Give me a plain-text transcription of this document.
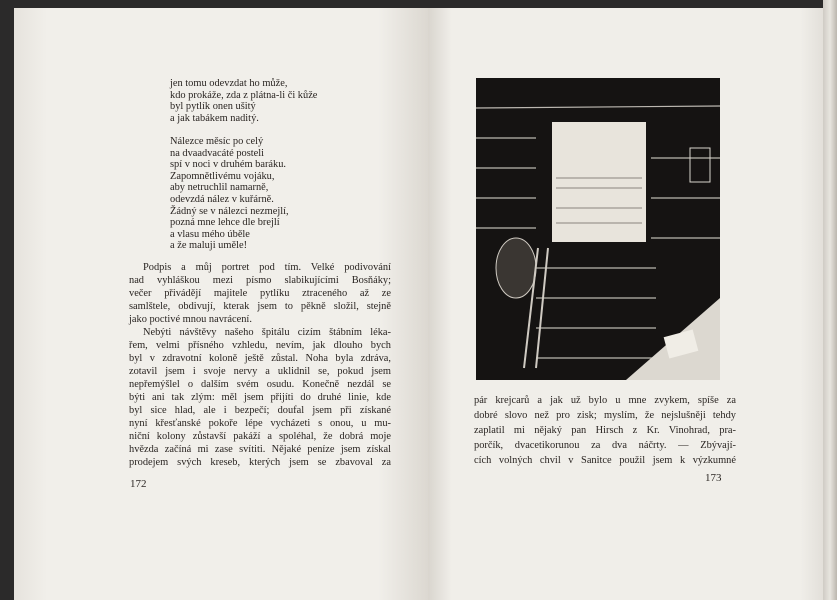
jen tomu odevzdat ho může,

kdo prokáže, zda z plátna-li či kůže

byl pytlík onen ušitý

a jak tabákem naditý.

Nálezce měsíc po celý

na dvaadvacáté posteli

spí v noci v druhém baráku.

Zapomnětlivému vojáku,

aby netruchlil namarně,

odevzdá nález v kuřárně.

Žádný se v nálezci nezmejlí,

pozná mne lehce dle brejlí

a vlasu mého úběle

a že maluji uměle!

Podpis a můj portret pod tím. Velké podivování

nad vyhláškou mezi písmo slabikujícími Bosňáky;

večer přivádějí majitele pytlíku ztraceného až ze

samlštele, obdivují, kterak jsem to pěkně složil, stejně

jako poctivé mnou navrácení.

Nebýti návštěvy našeho špitálu cizím štábním léka-

řem, velmi přísného vzhledu, nevím, jak dlouho bych

byl v zdravotní koloně ještě zůstal. Noha byla zdráva,

zotavil jsem i svoje nervy a uklidnil se, pokud jsem

nepřemýšlel o dalším svém osudu. Konečně nezdál se

býti ani tak zlým: měl jsem přijíti do druhé linie, kde

byl sice hlad, ale i bezpečí; doufal jsem při získané

nyní křesťanské pokoře lépe vycházeti s onou, u mu-

niční kolony zůstavší pakáží a spoléhal, že dobrá moje

hvězda začíná mi zase svítiti. Nějaké peníze jsem získal

prodejem svých kreseb, kterých jsem se zbavoval za

172

pár krejcarů a jak už bylo u mne zvykem, spíše za

dobré slovo než pro zisk; myslím, že nejslušněji tehdy

zaplatil mi nějaký pan Hirsch z Kr. Vinohrad, pra-

porčík, dvacetikorunou za dva náčrty. — Zbývají-

cích volných chvil v Sanitce použil jsem k výzkumné

173
